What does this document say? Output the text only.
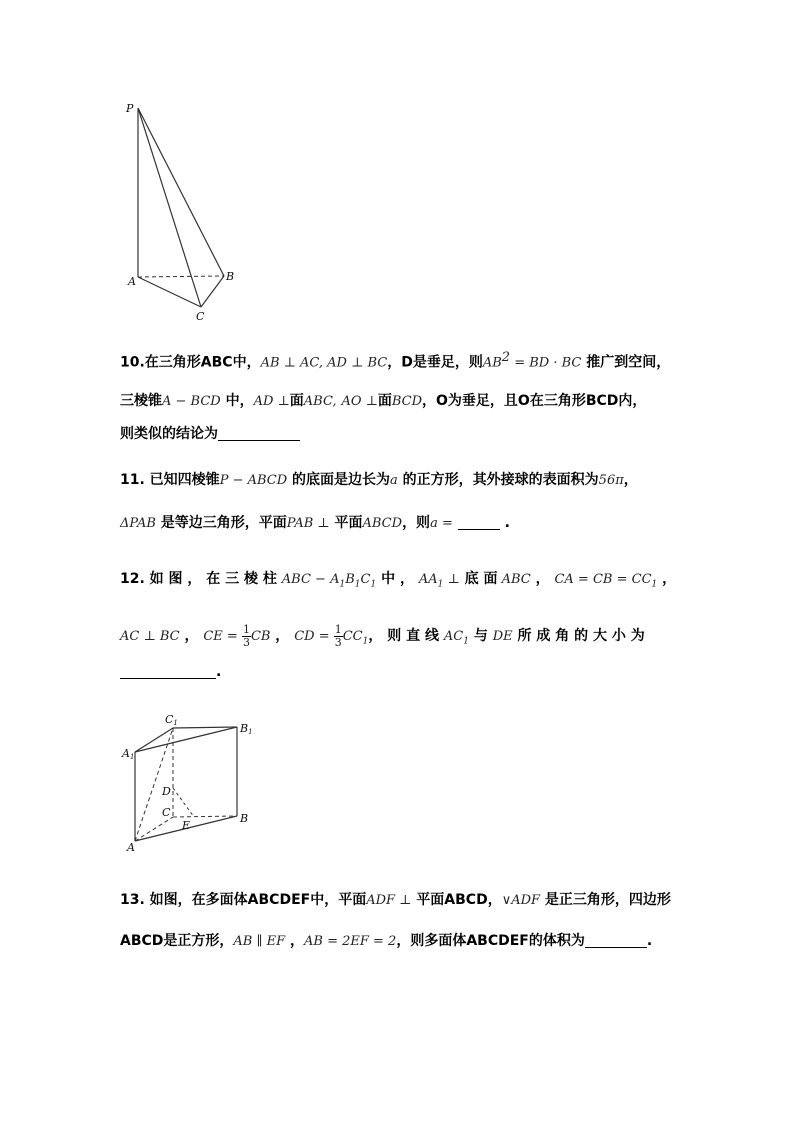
P
A	B
C
10.在三角形ABC中，AB ⊥ AC, AD ⊥ BC，D是垂足，则$AB^2$ = BD · BC 推广到空间，
三棱锥A − BCD 中，AD ⊥面ABC, AO ⊥面BCD，O为垂足，且O在三角形BCD内，
则类似的结论为
11. 已知四棱锥P − ABCD 的底面是边长为a 的正方形，其外接球的表面积为56π，
ΔPAB 是等边三角形，平面PAB ⊥ 平面ABCD，则a =	.
12. 如 图 ， 在 三 棱 柱 ABC − $A_1B_1C_1$ 中 ， $AA_1$ ⊥ 底 面 ABC ， CA = CB = $CC_1$ ，
AC ⊥ BC ， CE = $\frac{1}{3}$ CB ， CD = $\frac{1}{3} CC_1$， 则 直 线 $AC_1$ 与 DE 所 成 角 的 大 小 为
.
C1
A1
B1
D
C
E
A
B
13. 如图，在多面体ABCDEF中，平面ADF ⊥ 平面ABCD，∨ADF 是正三角形，四边形
ABCD是正方形，AB ∥ EF ，AB = 2EF = 2，则多面体ABCDEF的体积为	.
